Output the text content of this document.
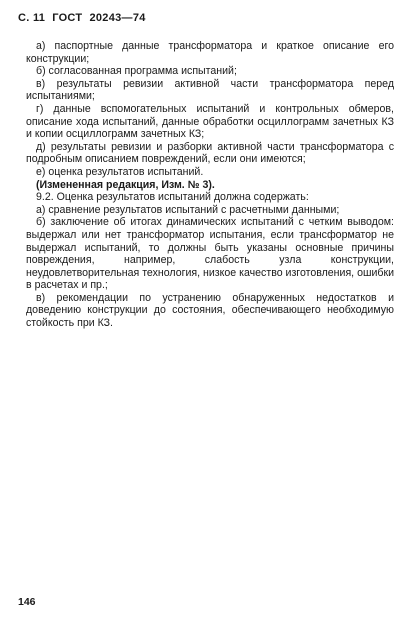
С. 11 ГОСТ 20243—74

а) паспортные данные трансформатора и краткое описание его конструкции;

б) согласованная программа испытаний;

в) результаты ревизии активной части трансформатора перед испытаниями;

г) данные вспомогательных испытаний и контрольных обмеров, описание хода испытаний, данные обработки осциллограмм зачетных КЗ и копии осциллограмм зачетных КЗ;

д) результаты ревизии и разборки активной части трансформатора с подробным описанием повреждений, если они имеются;

е) оценка результатов испытаний.

(Измененная редакция, Изм. № 3).

9.2. Оценка результатов испытаний должна содержать:

а) сравнение результатов испытаний с расчетными данными;

б) заключение об итогах динамических испытаний с четким выводом: выдержал или нет трансформатор испытания, если трансформатор не выдержал испытаний, то должны быть указаны основные причины повреждения, например, слабость узла конструкции, неудовлетворительная технология, низкое качество изготовления, ошибки в расчетах и пр.;

в) рекомендации по устранению обнаруженных недостатков и доведению конструкции до состояния, обеспечивающего необходимую стойкость при КЗ.

146
